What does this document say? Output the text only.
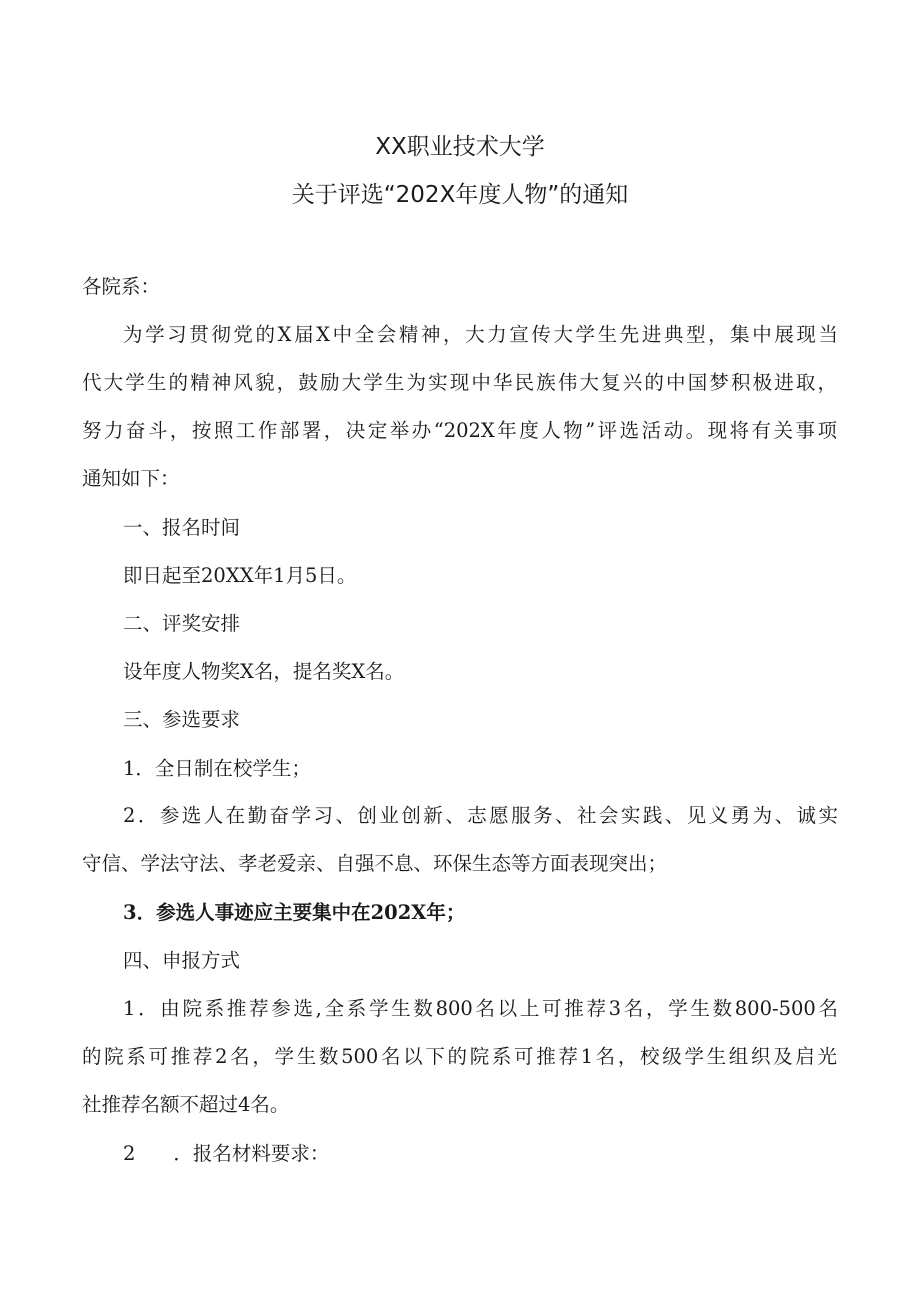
XX职业技术大学
关于评选“202X年度人物”的通知
各院系：
为学习贯彻党的X届X中全会精神，大力宣传大学生先进典型，集中展现当
代大学生的精神风貌，鼓励大学生为实现中华民族伟大复兴的中国梦积极进取，
努力奋斗，按照工作部署，决定举办“202X年度人物”评选活动。现将有关事项
通知如下：
一、报名时间
即日起至20XX年1月5日。
二、评奖安排
设年度人物奖X名，提名奖X名。
三、参选要求
1．全日制在校学生；
2．参选人在勤奋学习、创业创新、志愿服务、社会实践、见义勇为、诚实
守信、学法守法、孝老爱亲、自强不息、环保生态等方面表现突出；
3．参选人事迹应主要集中在202X年；
四、申报方式
1．由院系推荐参选,全系学生数800名以上可推荐3名，学生数800-500名
的院系可推荐2名，学生数500名以下的院系可推荐1名，校级学生组织及启光
社推荐名额不超过4名。
2 ．报名材料要求：
